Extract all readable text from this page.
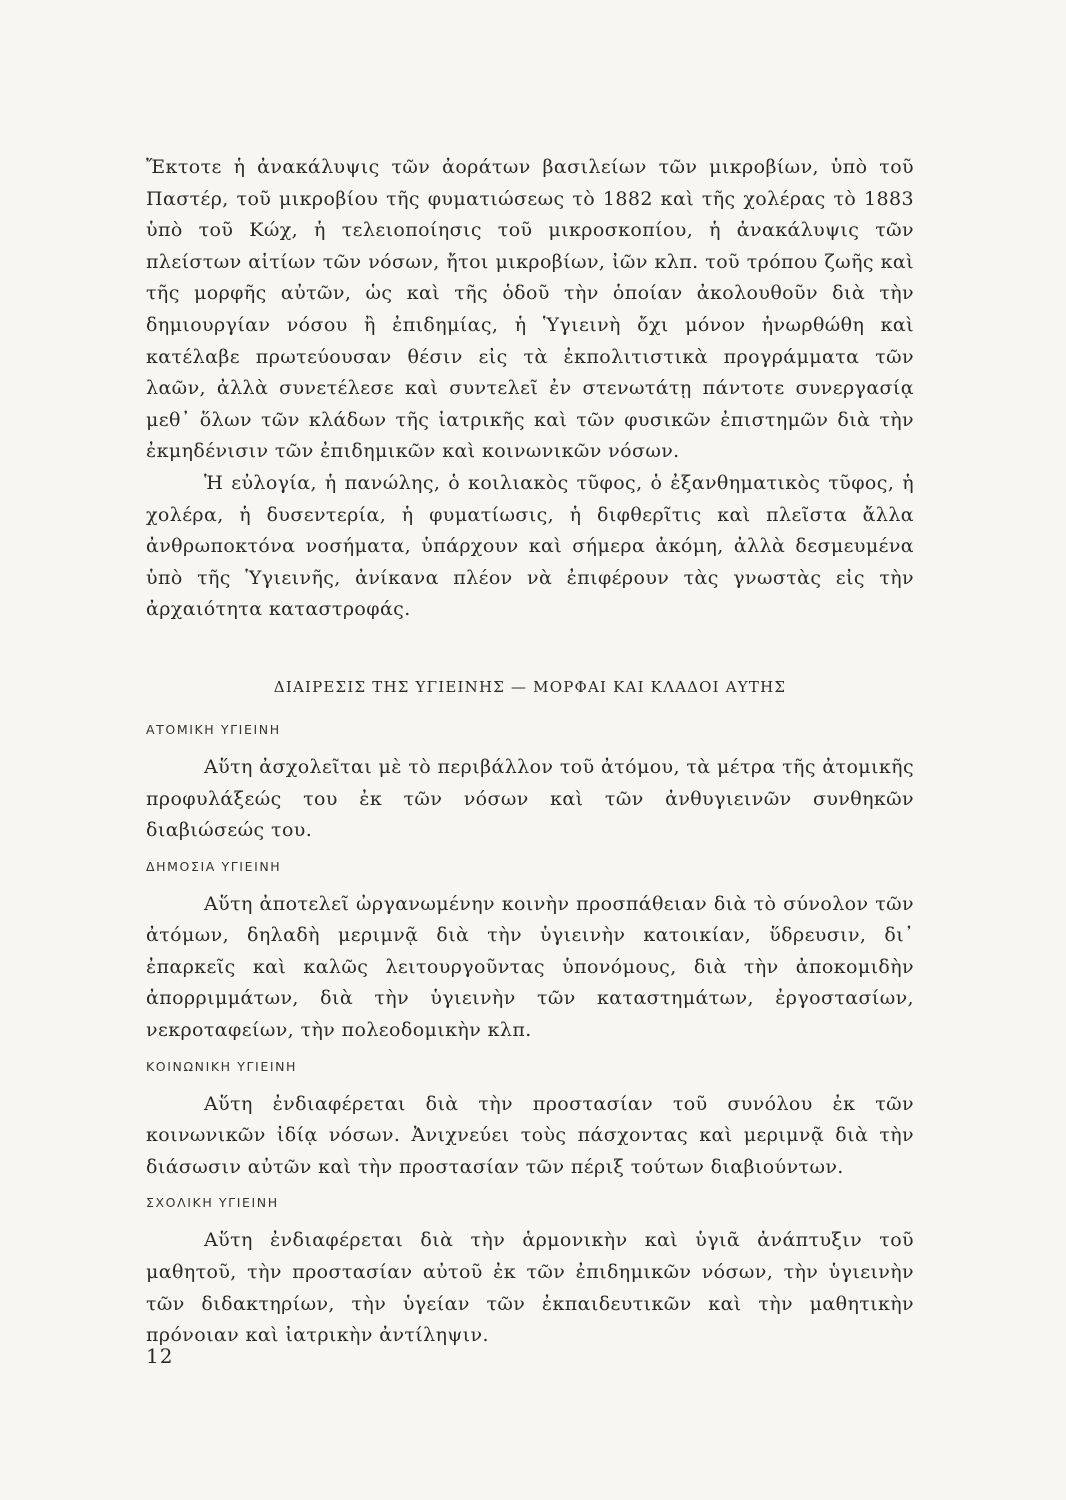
Ἔκτοτε ἡ ἀνακάλυψις τῶν ἀοράτων βασιλείων τῶν μικροβίων, ὑπὸ τοῦ Παστέρ, τοῦ μικροβίου τῆς φυματιώσεως τὸ 1882 καὶ τῆς χολέρας τὸ 1883 ὑπὸ τοῦ Κώχ, ἡ τελειοποίησις τοῦ μικροσκοπίου, ἡ ἀνακάλυψις τῶν πλείστων αἰτίων τῶν νόσων, ἤτοι μικροβίων, ἰῶν κλπ. τοῦ τρόπου ζωῆς καὶ τῆς μορφῆς αὐτῶν, ὡς καὶ τῆς ὁδοῦ τὴν ὁποίαν ἀκολουθοῦν διὰ τὴν δημιουργίαν νόσου ἢ ἐπιδημίας, ἡ Ὑγιεινὴ ὄχι μόνον ἠνωρθώθη καὶ κατέλαβε πρωτεύουσαν θέσιν εἰς τὰ ἐκπολιτιστικὰ προγράμματα τῶν λαῶν, ἀλλὰ συνετέλεσε καὶ συντελεῖ ἐν στενωτάτῃ πάντοτε συνεργασίᾳ μεθ᾽ ὅλων τῶν κλάδων τῆς ἰατρικῆς καὶ τῶν φυσικῶν ἐπιστημῶν διὰ τὴν ἐκμηδένισιν τῶν ἐπιδημικῶν καὶ κοινωνικῶν νόσων.

Ἡ εὐλογία, ἡ πανώλης, ὁ κοιλιακὸς τῦφος, ὁ ἐξανθηματικὸς τῦφος, ἡ χολέρα, ἡ δυσεντερία, ἡ φυματίωσις, ἡ διφθερῖτις καὶ πλεῖστα ἄλλα ἀνθρωποκτόνα νοσήματα, ὑπάρχουν καὶ σήμερα ἀκόμη, ἀλλὰ δεσμευμένα ὑπὸ τῆς Ὑγιεινῆς, ἀνίκανα πλέον νὰ ἐπιφέρουν τὰς γνωστὰς εἰς τὴν ἀρχαιότητα καταστροφάς.

ΔΙΑΙΡΕΣΙΣ ΤΗΣ ΥΓΙΕΙΝΗΣ — ΜΟΡΦΑΙ ΚΑΙ ΚΛΑΔΟΙ ΑΥΤΗΣ
ΑΤΟΜΙΚΗ ΥΓΙΕΙΝΗ

Αὕτη ἀσχολεῖται μὲ τὸ περιβάλλον τοῦ ἀτόμου, τὰ μέτρα τῆς ἀτομικῆς προφυλάξεώς του ἐκ τῶν νόσων καὶ τῶν ἀνθυγιεινῶν συνθηκῶν διαβιώσεώς του.

ΔΗΜΟΣΙΑ ΥΓΙΕΙΝΗ

Αὕτη ἀποτελεῖ ὠργανωμένην κοινὴν προσπάθειαν διὰ τὸ σύνολον τῶν ἀτόμων, δηλαδὴ μεριμνᾷ διὰ τὴν ὑγιεινὴν κατοικίαν, ὕδρευσιν, δι᾽ ἐπαρκεῖς καὶ καλῶς λειτουργοῦντας ὑπονόμους, διὰ τὴν ἀποκομιδὴν ἀπορριμμάτων, διὰ τὴν ὑγιεινὴν τῶν καταστημάτων, ἐργοστασίων, νεκροταφείων, τὴν πολεοδομικὴν κλπ.

ΚΟΙΝΩΝΙΚΗ ΥΓΙΕΙΝΗ

Αὕτη ἐνδιαφέρεται διὰ τὴν προστασίαν τοῦ συνόλου ἐκ τῶν κοινωνικῶν ἰδίᾳ νόσων. Ἀνιχνεύει τοὺς πάσχοντας καὶ μεριμνᾷ διὰ τὴν διάσωσιν αὐτῶν καὶ τὴν προστασίαν τῶν πέριξ τούτων διαβιούντων.

ΣΧΟΛΙΚΗ ΥΓΙΕΙΝΗ

Αὕτη ἐνδιαφέρεται διὰ τὴν ἁρμονικὴν καὶ ὑγιᾶ ἀνάπτυξιν τοῦ μαθητοῦ, τὴν προστασίαν αὐτοῦ ἐκ τῶν ἐπιδημικῶν νόσων, τὴν ὑγιεινὴν τῶν διδακτηρίων, τὴν ὑγείαν τῶν ἐκπαιδευτικῶν καὶ τὴν μαθητικὴν πρόνοιαν καὶ ἰατρικὴν ἀντίληψιν.

12
